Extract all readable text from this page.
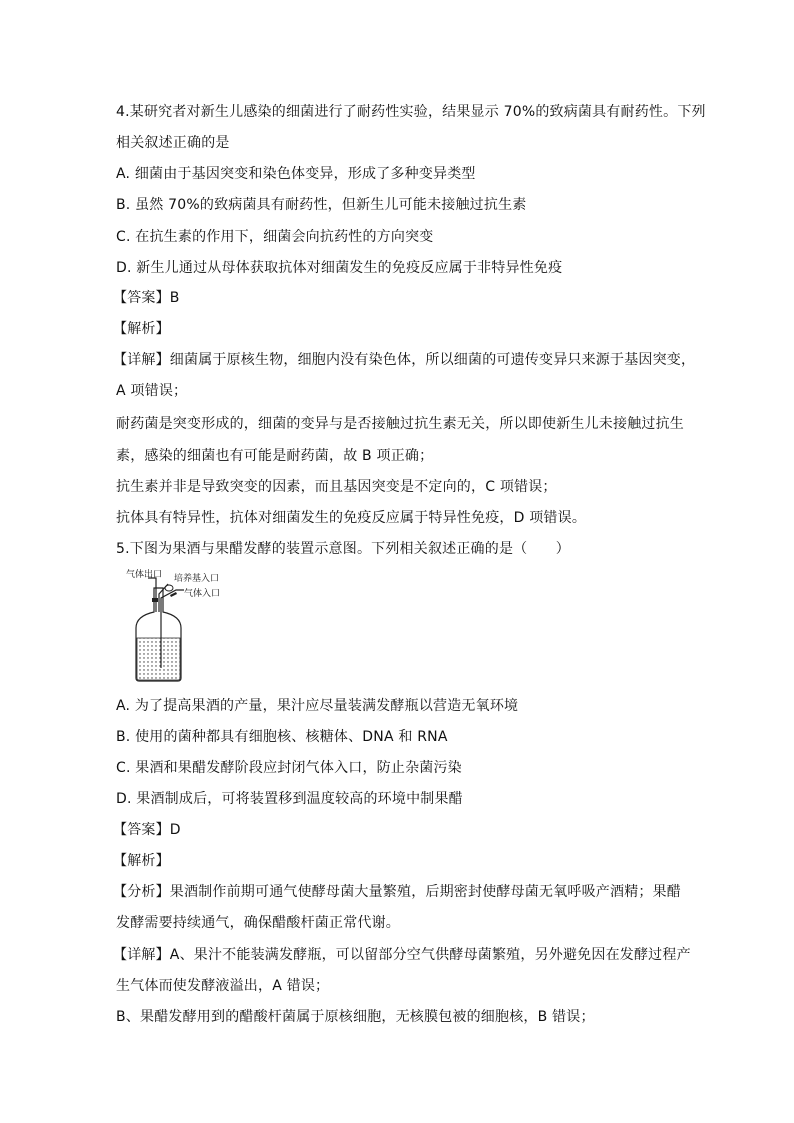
4.某研究者对新生儿感染的细菌进行了耐药性实验，结果显示 70%的致病菌具有耐药性。下列
相关叙述正确的是
A. 细菌由于基因突变和染色体变异，形成了多种变异类型
B. 虽然 70%的致病菌具有耐药性，但新生儿可能未接触过抗生素
C. 在抗生素的作用下，细菌会向抗药性的方向突变
D. 新生儿通过从母体获取抗体对细菌发生的免疫反应属于非特异性免疫
【答案】B
【解析】
【详解】细菌属于原核生物，细胞内没有染色体，所以细菌的可遗传变异只来源于基因突变，
A 项错误；
耐药菌是突变形成的，细菌的变异与是否接触过抗生素无关，所以即使新生儿未接触过抗生
素，感染的细菌也有可能是耐药菌，故 B 项正确；
抗生素并非是导致突变的因素，而且基因突变是不定向的，C 项错误；
抗体具有特异性，抗体对细菌发生的免疫反应属于特异性免疫，D 项错误。
5.下图为果酒与果醋发酵的装置示意图。下列相关叙述正确的是（　　）
气体出口 培养基入口
气体入口
A. 为了提高果酒的产量，果汁应尽量装满发酵瓶以营造无氧环境
B. 使用的菌种都具有细胞核、核糖体、DNA 和 RNA
C. 果酒和果醋发酵阶段应封闭气体入口，防止杂菌污染
D. 果酒制成后，可将装置移到温度较高的环境中制果醋
【答案】D
【解析】
【分析】果酒制作前期可通气使酵母菌大量繁殖，后期密封使酵母菌无氧呼吸产酒精；果醋
发酵需要持续通气，确保醋酸杆菌正常代谢。
【详解】A、果汁不能装满发酵瓶，可以留部分空气供酵母菌繁殖，另外避免因在发酵过程产
生气体而使发酵液溢出，A 错误；
B、果醋发酵用到的醋酸杆菌属于原核细胞，无核膜包被的细胞核，B 错误；
